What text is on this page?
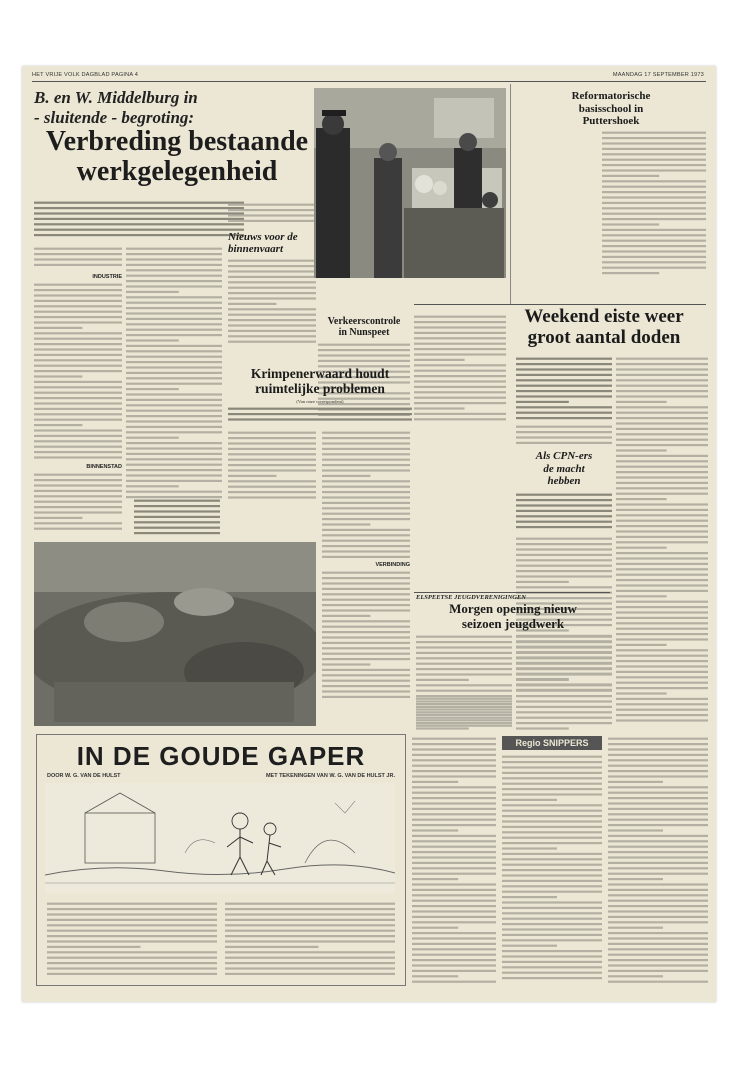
HET VRIJE VOLK DAGBLAD PAGINA 4	MAANDAG 17 SEPTEMBER 1973
B. en W. Middelburg in
- sluitende - begroting:
Verbreding bestaande
werkgelegenheid
INDUSTRIE
BINNENSTAD
Nieuws voor de
binnenvaart
Verkeerscontrole
in Nunspeet
Krimpenerwaard houdt
ruimtelijke problemen
(Van onze correspondent)
VERBINDING
Reformatorische
basisschool in
Puttershoek
Weekend eiste weer
groot aantal doden
Als CPN-ers
de macht
hebben
ELSPEETSE JEUGDVERENIGINGEN
Morgen opening nieuw
seizoen jeugdwerk
IN DE GOUDE GAPER
DOOR W. G. VAN DE HULST	MET TEKENINGEN VAN W. G. VAN DE HULST JR.
Regio SNIPPERS
